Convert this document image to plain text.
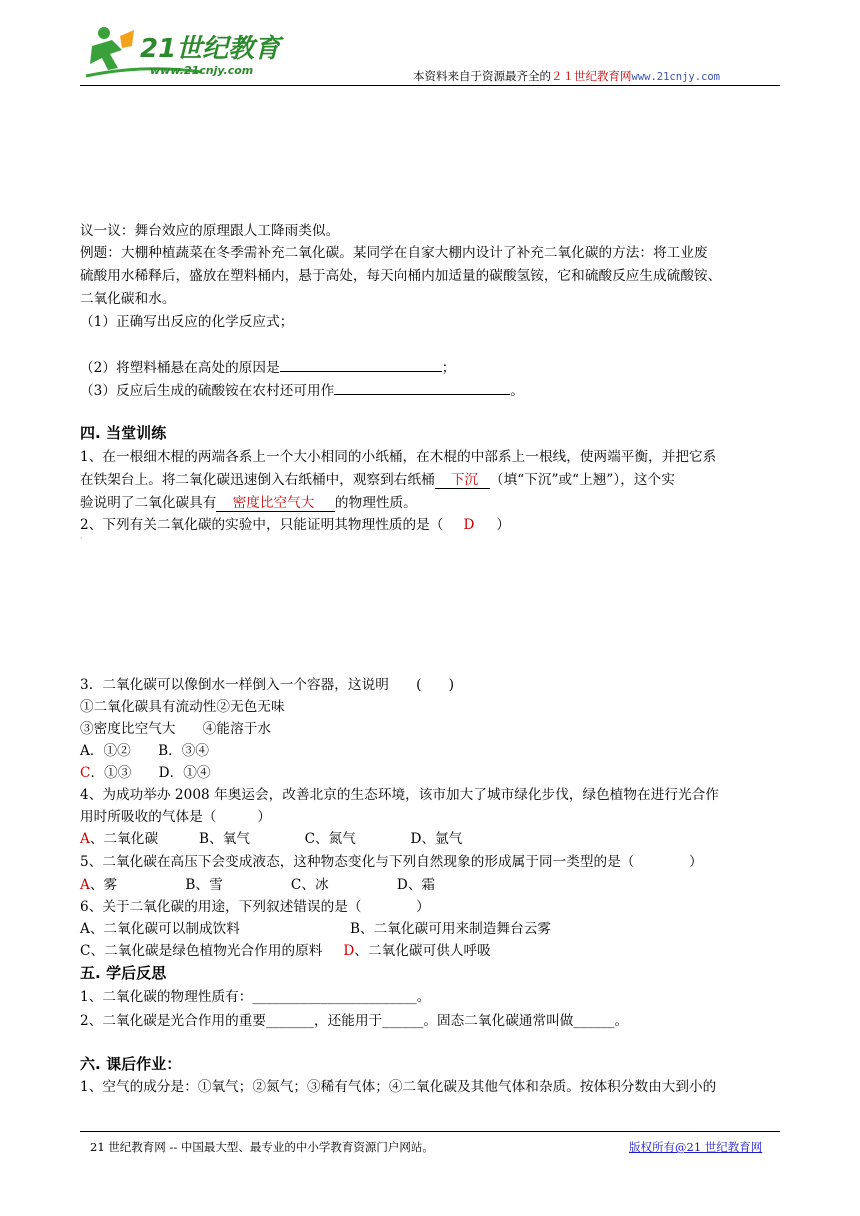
21世纪教育
www.21cnjy.com	本资料来自于资源最齐全的２１世纪教育网www.21cnjy.com
议一议：舞台效应的原理跟人工降雨类似。
例题：大棚种植蔬菜在冬季需补充二氧化碳。某同学在自家大棚内设计了补充二氧化碳的方法：将工业废
硫酸用水稀释后，盛放在塑料桶内，悬于高处，每天向桶内加适量的碳酸氢铵，它和硫酸反应生成硫酸铵、
二氧化碳和水。
（1）正确写出反应的化学反应式；
（2）将塑料桶悬在高处的原因是	；
（3）反应后生成的硫酸铵在农村还可用作	。
四. 当堂训练
1、在一根细木棍的两端各系上一个大小相同的小纸桶，在木棍的中部系上一根线，使两端平衡，并把它系
在铁架台上。将二氧化碳迅速倒入右纸桶中，观察到右纸桶 下沉 （填“下沉”或“上翘”），这个实
验说明了二氧化碳具有 密度比空气大 的物理性质。
2、下列有关二氧化碳的实验中，只能证明其物理性质的是（ D ）
·
3．二氧化碳可以像倒水一样倒入一个容器，这说明　　(　　)
①二氧化碳具有流动性②无色无味
③密度比空气大　　④能溶于水
A．①②　　B．③④
C．①③　　D．①④
4、为成功举办 2008 年奥运会，改善北京的生态环境，该市加大了城市绿化步伐，绿色植物在进行光合作
用时所吸收的气体是（　　　）
A、二氧化碳　　　B、氧气　　　　C、氮气　　　　D、氩气
5、二氧化碳在高压下会变成液态，这种物态变化与下列自然现象的形成属于同一类型的是（　　　　）
A、雾　　　　　B、雪　　　　　C、冰　　　　　D、霜
6、关于二氧化碳的用途，下列叙述错误的是（　　　　）
A、二氧化碳可以制成饮料	B、二氧化碳可用来制造舞台云雾
C、二氧化碳是绿色植物光合作用的原料 D、二氧化碳可供人呼吸
五. 学后反思
1、二氧化碳的物理性质有：________________________。
2、二氧化碳是光合作用的重要_______，还能用于______。固态二氧化碳通常叫做______。
六. 课后作业：
1、空气的成分是：①氧气；②氮气；③稀有气体；④二氧化碳及其他气体和杂质。按体积分数由大到小的
21 世纪教育网 -- 中国最大型、最专业的中小学教育资源门户网站。	版权所有@21 世纪教育网
